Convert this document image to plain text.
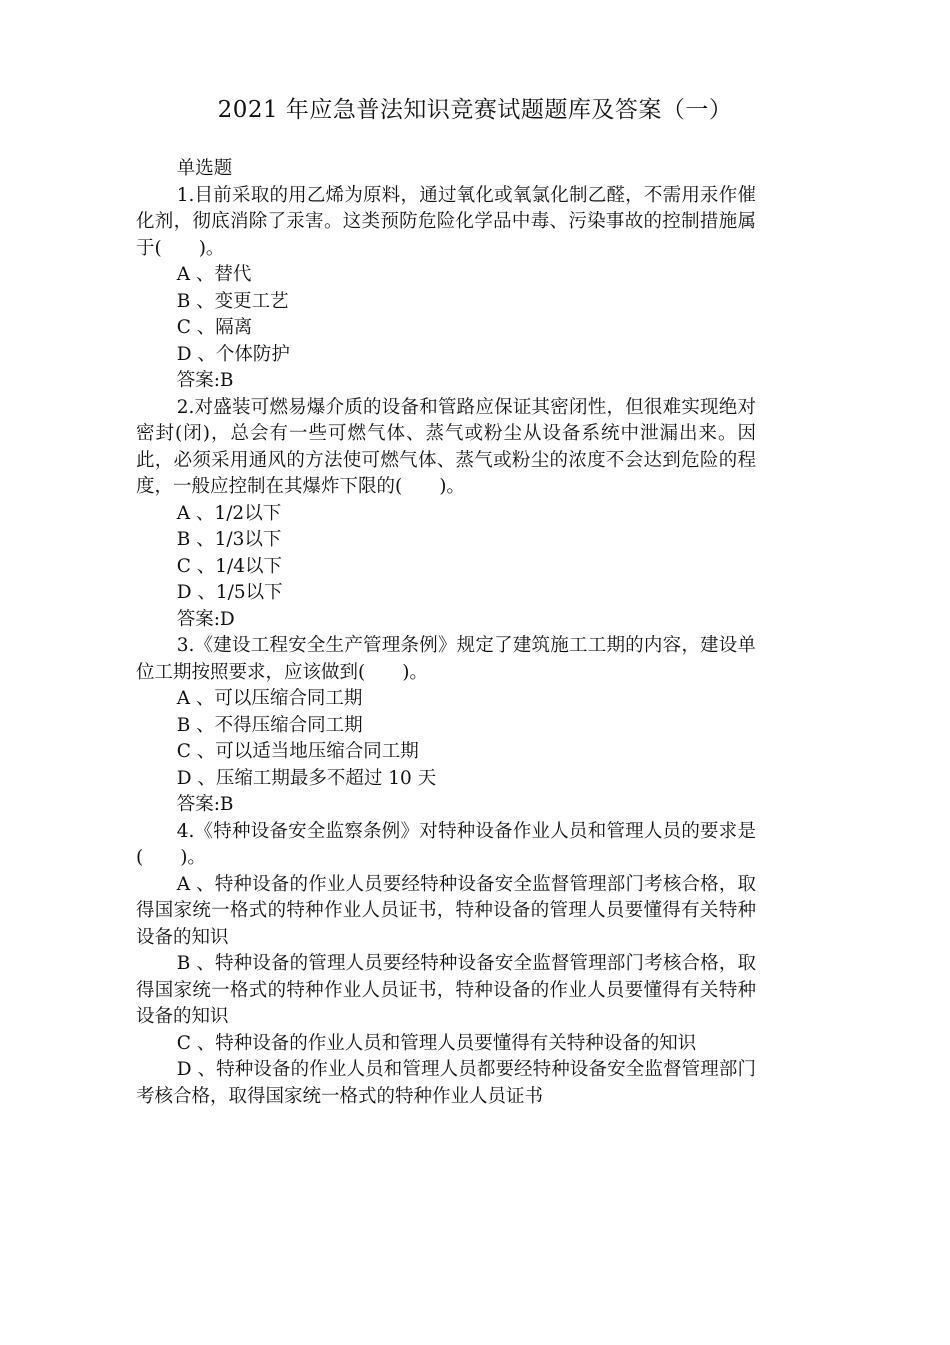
2021 年应急普法知识竞赛试题题库及答案（一）

单选题

1.目前采取的用乙烯为原料，通过氧化或氧氯化制乙醛，不需用汞作催化剂，彻底消除了汞害。这类预防危险化学品中毒、污染事故的控制措施属于(　　)。

A 、替代

B 、变更工艺

C 、隔离

D 、个体防护

答案:B

2.对盛装可燃易爆介质的设备和管路应保证其密闭性，但很难实现绝对密封(闭)，总会有一些可燃气体、蒸气或粉尘从设备系统中泄漏出来。因此，必须采用通风的方法使可燃气体、蒸气或粉尘的浓度不会达到危险的程度，一般应控制在其爆炸下限的(　　)。

A 、1/2以下

B 、1/3以下

C 、1/4以下

D 、1/5以下

答案:D

3.《建设工程安全生产管理条例》规定了建筑施工工期的内容，建设单位工期按照要求，应该做到(　　)。

A 、可以压缩合同工期

B 、不得压缩合同工期

C 、可以适当地压缩合同工期

D 、压缩工期最多不超过 10 天

答案:B

4.《特种设备安全监察条例》对特种设备作业人员和管理人员的要求是(　　)。

A 、特种设备的作业人员要经特种设备安全监督管理部门考核合格，取得国家统一格式的特种作业人员证书，特种设备的管理人员要懂得有关特种设备的知识

B 、特种设备的管理人员要经特种设备安全监督管理部门考核合格，取得国家统一格式的特种作业人员证书，特种设备的作业人员要懂得有关特种设备的知识

C 、特种设备的作业人员和管理人员要懂得有关特种设备的知识

D 、特种设备的作业人员和管理人员都要经特种设备安全监督管理部门考核合格，取得国家统一格式的特种作业人员证书
